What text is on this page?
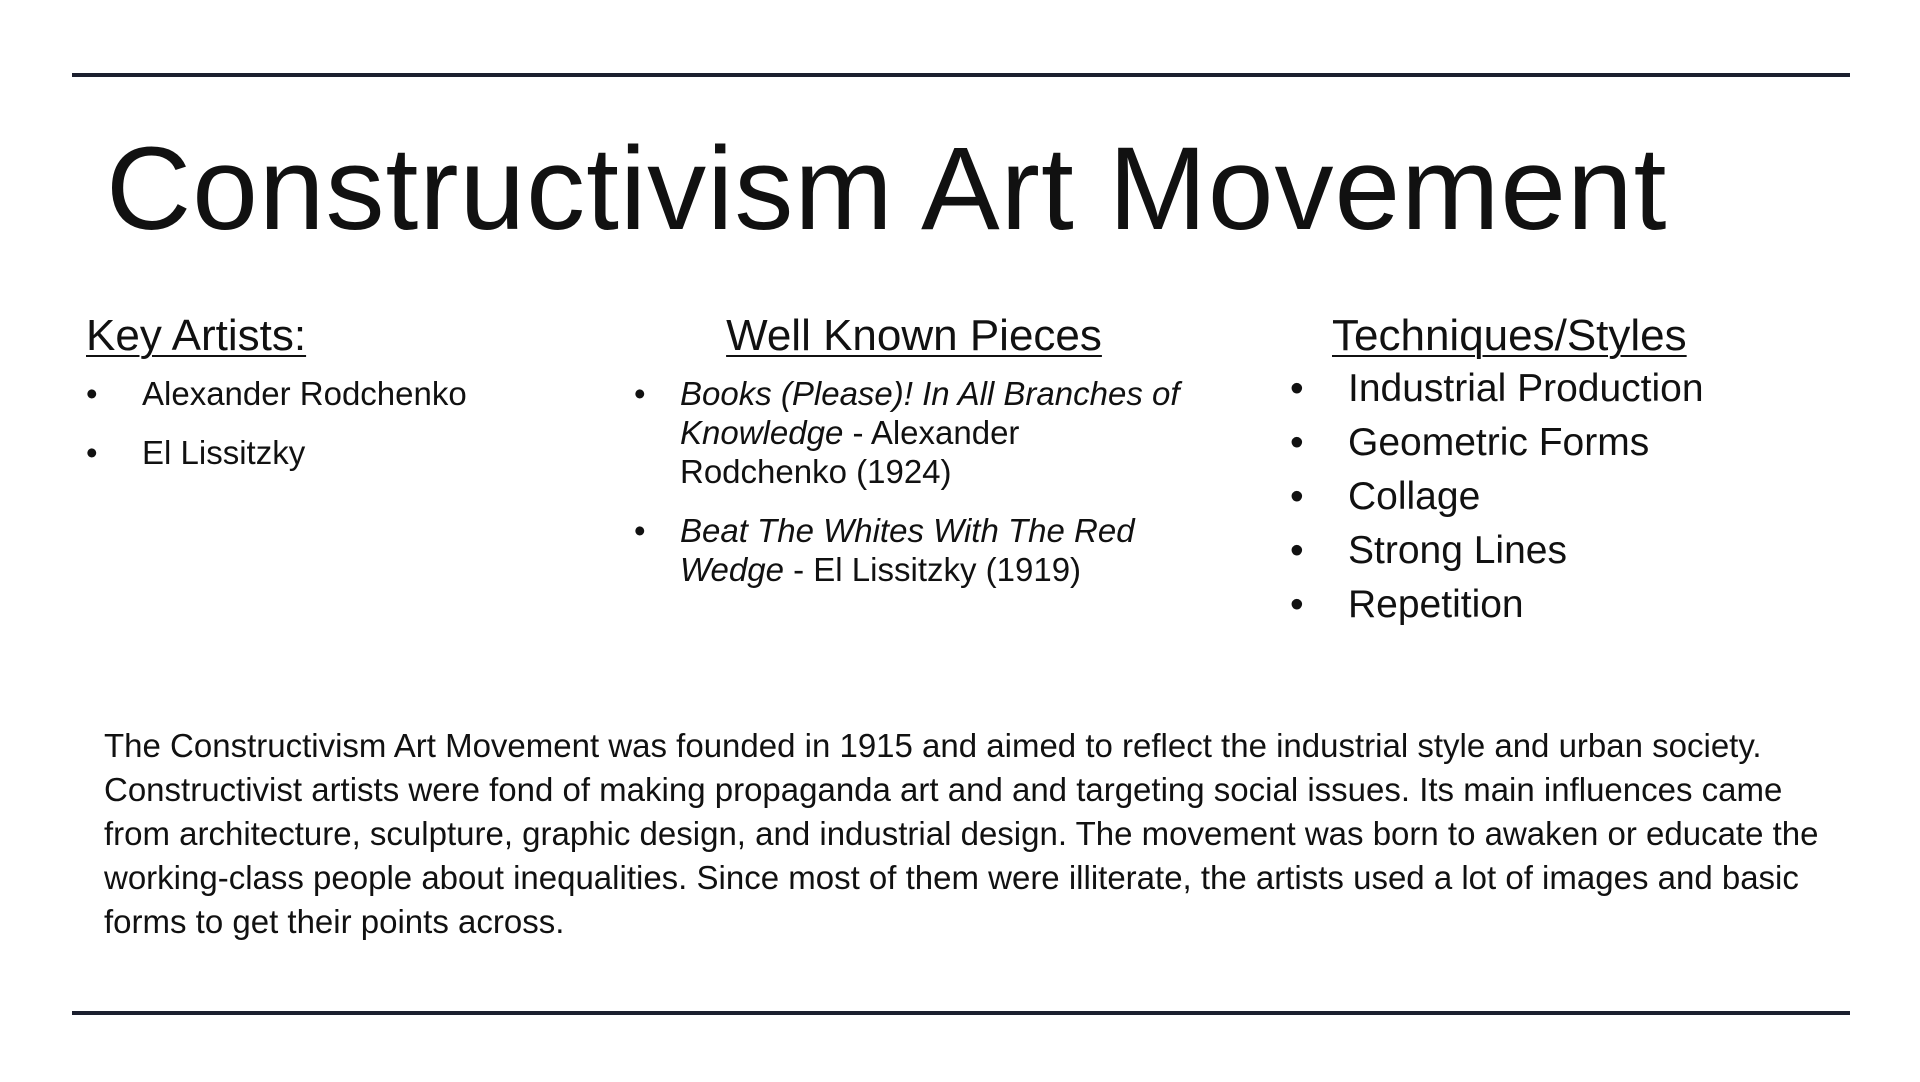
Constructivism Art Movement
Key Artists:
• Alexander Rodchenko
• El Lissitzky
Well Known Pieces
• Books (Please)! In All Branches of Knowledge - Alexander Rodchenko (1924)
• Beat The Whites With The Red Wedge - El Lissitzky (1919)
Techniques/Styles
• Industrial Production
• Geometric Forms
• Collage
• Strong Lines
• Repetition

The Constructivism Art Movement was founded in 1915 and aimed to reflect the industrial style and urban society. Constructivist artists were fond of making propaganda art and and targeting social issues. Its main influences came from architecture, sculpture, graphic design, and industrial design. The movement was born to awaken or educate the working-class people about inequalities. Since most of them were illiterate, the artists used a lot of images and basic forms to get their points across.
